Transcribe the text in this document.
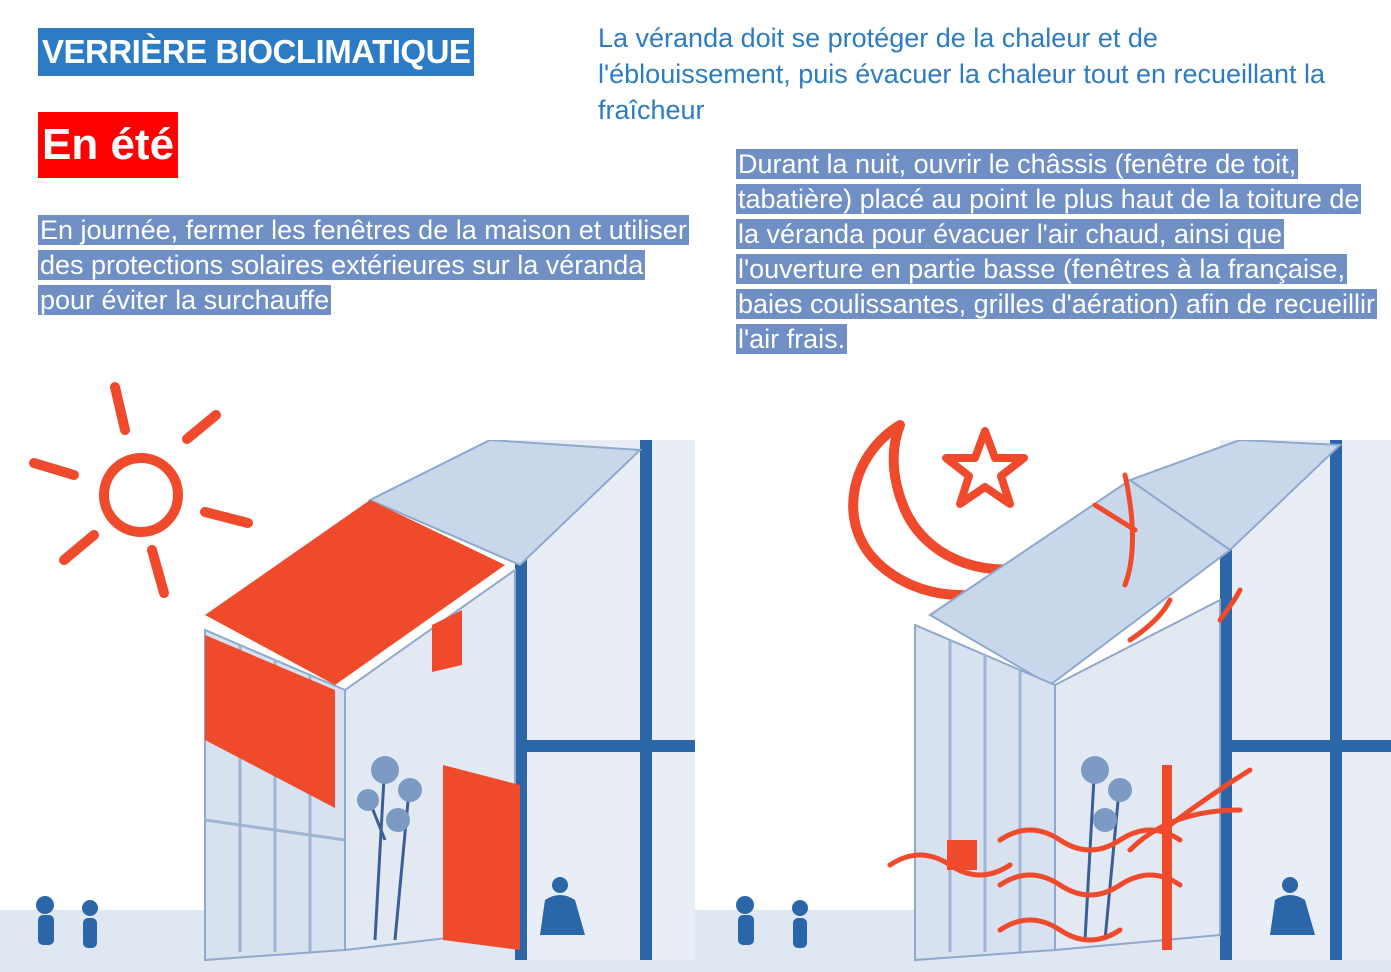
VERRIÈRE BIOCLIMATIQUE
En été
La véranda doit se protéger de la chaleur et de l'éblouissement, puis évacuer la chaleur tout en recueillant la fraîcheur
En journée, fermer les fenêtres de la maison et utiliser des protections solaires extérieures sur la véranda pour éviter la surchauffe
Durant la nuit, ouvrir le châssis (fenêtre de toit, tabatière) placé au point le plus haut de la toiture de la véranda pour évacuer l'air chaud, ainsi que l'ouverture en partie basse (fenêtres à la française, baies coulissantes, grilles d'aération) afin de recueillir l'air frais.
